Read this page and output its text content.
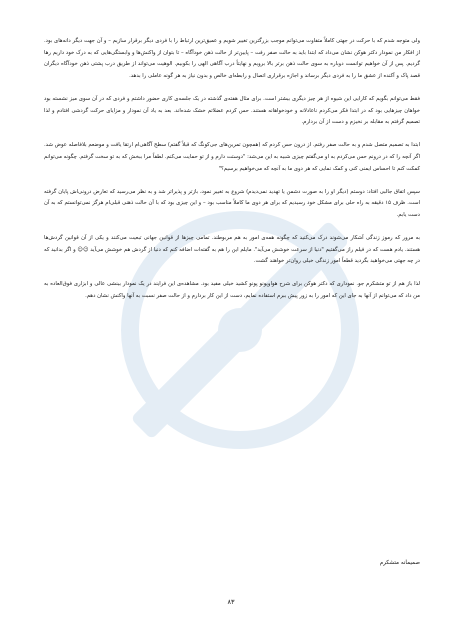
ولی متوجه شدم که با حرکت در جهتی کاملاً متفاوت می‌توانم موجب بزرگترین تغییر شویم و عمیق‌ترین ارتباط را با فردی دیگر برقرار سازیم – و آن جهت دیگر دانه‌های بود. از افکار من نمودار دکتر هوکن نشان می‌داد که ابتدا باید به حالت صفر رفت – پایین‌تر از حالت ذهن خودآگاه – تا بتوان از واکنش‌ها و وابستگی‌هایی که به درک خود داریم رها گردیم. پس از آن خواهیم توانست دوباره به سوی حالت ذهن برتر بالا برویم و نهایتاً درب آگاهی الهی را بکوبیم. الوهیت می‌تواند از طریق درب پشتی ذهن خودآگاه دیگران قصد پاک و آکنده از عشق ما را به فردی دیگر برساند و اجازه برقراری اتصال و رابطه‌ای خالص و بدون نیاز به هر گونه عاملی را بدهد.

فقط می‌توانم بگویم که کارایی این شیوه از هر چیز دیگری بیشتر است. برای مثال هفته‌ی گذشته در یک جلسه‌ی کاری حضور داشتم و فردی که در آن سوی میز نشسته بود خواهان چیزهایی بود که در ابتدا فکر می‌کردم ناعادلانه و خودخواهانه هستند. حس کردم عضلاتم خشک شده‌اند. بعد به یاد آن نمودار و مزایای حرکت گردشی افتادم و لذا تصمیم گرفتم به مقابله بر نخیزم و دست از آن بردارم.

ابتدا به تصمیم متصل شدم و به حالت صفر رفتم. از درون حس کردم که (همچون تمرین‌های جی‌کونگ که قبلاً گفتم) سطح آگاهی‌ام ارتقا یافت و موضعم بلافاصله عوض شد. اگر آنچه را که در درونم حس می‌کردم به او می‌گفتم چیزی شبیه به این می‌شد: "دوستت دارم و از تو حمایت می‌کنم. لطفاً مرا ببخش که به تو سخت گرفتم. چگونه می‌توانم کمکت کنم تا احساس ایمنی کنی و کمک نمایی که هر دوی ما به آنچه که می‌خواهیم برسیم؟"

سپس اتفاق جالبی افتاد: دوستم (دیگر او را به صورت دشمن یا تهدید نمی‌دیدم) شروع به تغییر نمود، بازتر و پذیراتر شد و به نظر می‌رسید که تعارض درونی‌اش پایان گرفته است. ظرف ۱۵ دقیقه به راه حلی برای مشکل خود رسیدیم که برای هر دوی ما کاملاً مناسب بود – و این چیزی بود که با آن حالت ذهنی قبلی‌ام هرگز نمی‌توانستم که به آن دست یابم.

به مرور که رموز زندگی آشکار می‌شوند درک می‌کنید که چگونه همه‌ی امور به هم مربوطند. تمامی چیزها از قوانین جهانی تبعیت می‌کنند و یکی از آن قوانین گردش‌ها هستند. یادم هست که در فیلم راز می‌گفتیم "دنیا از سرعت خوشش می‌آید". مایلم این را هم به گفته‌ات اضافه کنم که دنیا از گردش هم خوشش می‌آید ☺☺ و اگر بدانید که در چه جهتی می‌خواهید بگردید قطعاً امور زندگی خیلی روان‌تر خواهند گشت.

لذا باز هم از تو متشکرم جو. نمودار‌ی که دکتر هوکن برای شرح هواوپونو پونو کشید خیلی مفید بود. مشاهده‌ی این فرایند در یک نمودار بینشی عالی و ابزاری فوق‌العاده به من داد که می‌توانم از آنها به جای این که امور را به زور پیش ببرم استفاده نمایم، دست از این کار بردارم و از حالت صفر نسبت به آنها واکنش نشان دهم.

صمیمانه متشکرم
۸۳
